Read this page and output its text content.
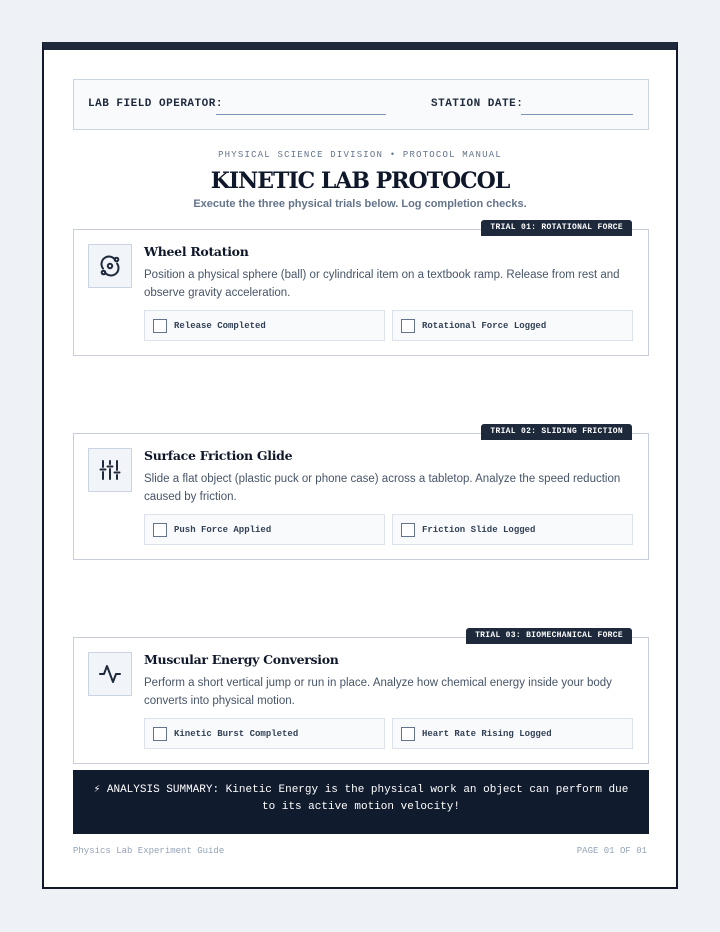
LAB FIELD OPERATOR:	STATION DATE:
PHYSICAL SCIENCE DIVISION • PROTOCOL MANUAL
KINETIC LAB PROTOCOL
Execute the three physical trials below. Log completion checks.
TRIAL 01: ROTATIONAL FORCE
Wheel Rotation
Position a physical sphere (ball) or cylindrical item on a textbook ramp. Release from rest and observe gravity acceleration.
Release Completed	Rotational Force Logged
TRIAL 02: SLIDING FRICTION
Surface Friction Glide
Slide a flat object (plastic puck or phone case) across a tabletop. Analyze the speed reduction caused by friction.
Push Force Applied	Friction Slide Logged
TRIAL 03: BIOMECHANICAL FORCE
Muscular Energy Conversion
Perform a short vertical jump or run in place. Analyze how chemical energy inside your body converts into physical motion.
Kinetic Burst Completed	Heart Rate Rising Logged
⚡ ANALYSIS SUMMARY: Kinetic Energy is the physical work an object can perform due to its active motion velocity!
Physics Lab Experiment Guide	PAGE 01 OF 01
